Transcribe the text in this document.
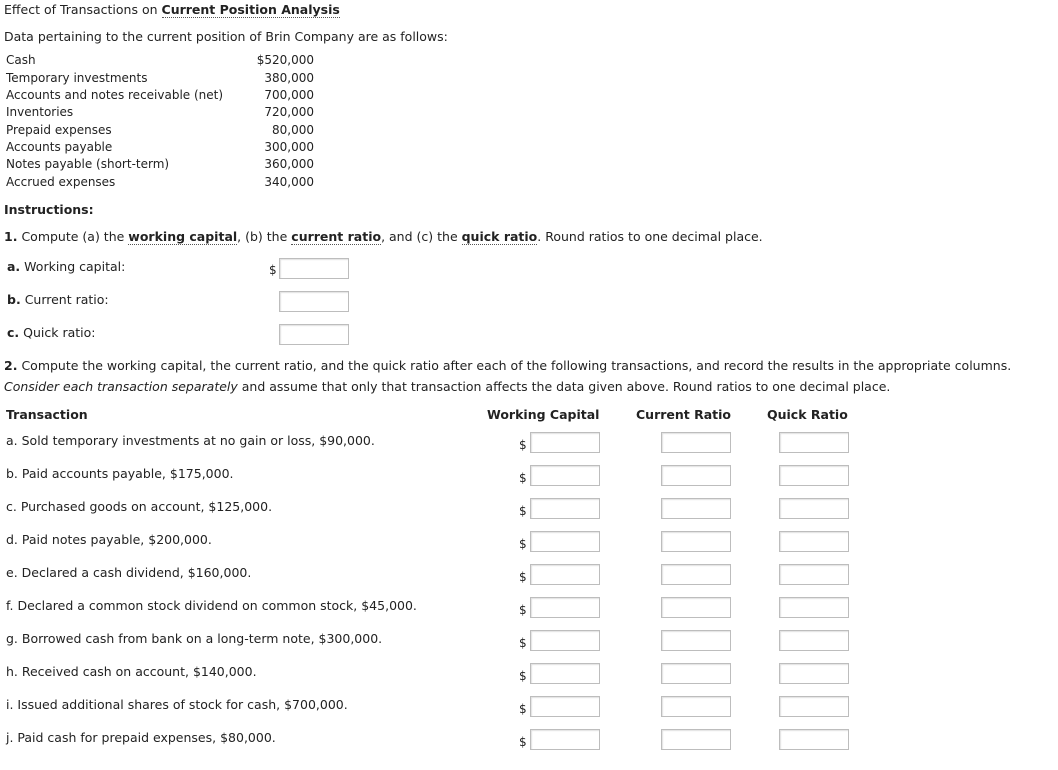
Effect of Transactions on Current Position Analysis
Data pertaining to the current position of Brin Company are as follows:
Cash	$520,000
Temporary investments	380,000
Accounts and notes receivable (net)	700,000
Inventories	720,000
Prepaid expenses	80,000
Accounts payable	300,000
Notes payable (short-term)	360,000
Accrued expenses	340,000
Instructions:
1. Compute (a) the working capital, (b) the current ratio, and (c) the quick ratio. Round ratios to one decimal place.
a. Working capital:	$
b. Current ratio:
c. Quick ratio:
2. Compute the working capital, the current ratio, and the quick ratio after each of the following transactions, and record the results in the appropriate columns. Consider each transaction separately and assume that only that transaction affects the data given above. Round ratios to one decimal place.
Transaction	Working Capital	Current Ratio	Quick Ratio
a. Sold temporary investments at no gain or loss, $90,000.	$
b. Paid accounts payable, $175,000.	$
c. Purchased goods on account, $125,000.	$
d. Paid notes payable, $200,000.	$
e. Declared a cash dividend, $160,000.	$
f. Declared a common stock dividend on common stock, $45,000.	$
g. Borrowed cash from bank on a long-term note, $300,000.	$
h. Received cash on account, $140,000.	$
i. Issued additional shares of stock for cash, $700,000.	$
j. Paid cash for prepaid expenses, $80,000.	$
